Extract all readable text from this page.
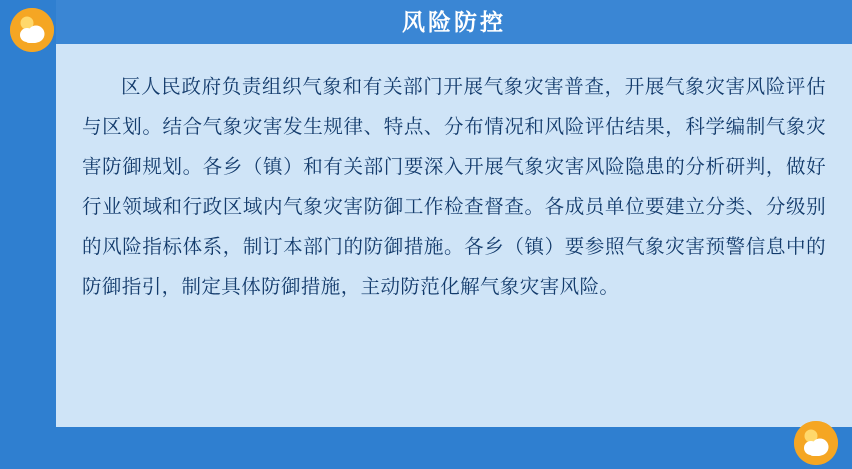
风险防控
区人民政府负责组织气象和有关部门开展气象灾害普查，开展气象灾害风险评估与区划。结合气象灾害发生规律、特点、分布情况和风险评估结果，科学编制气象灾害防御规划。各乡（镇）和有关部门要深入开展气象灾害风险隐患的分析研判，做好行业领域和行政区域内气象灾害防御工作检查督查。各成员单位要建立分类、分级别的风险指标体系，制订本部门的防御措施。各乡（镇）要参照气象灾害预警信息中的防御指引，制定具体防御措施，主动防范化解气象灾害风险。
